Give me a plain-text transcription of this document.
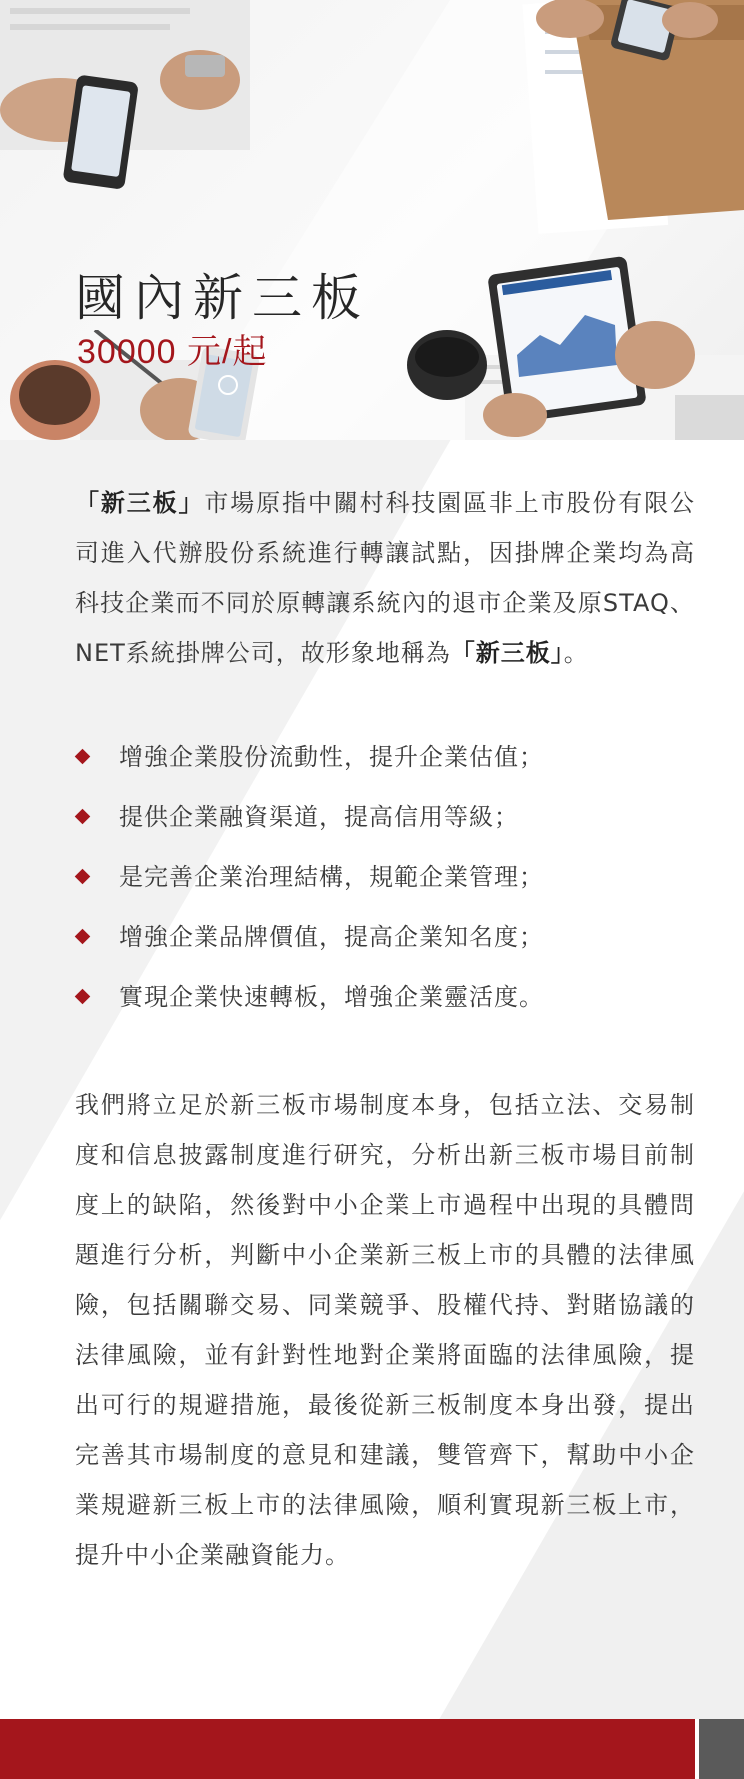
國內新三板

30000 元/起

「新三板」市場原指中關村科技園區非上市股份有限公司進入代辦股份系統進行轉讓試點，因掛牌企業均為高科技企業而不同於原轉讓系統內的退市企業及原STAQ、NET系統掛牌公司，故形象地稱為「新三板」。

增強企業股份流動性，提升企業估值；
提供企業融資渠道，提高信用等級；
是完善企業治理結構，規範企業管理；
增強企業品牌價值，提高企業知名度；
實現企業快速轉板，增強企業靈活度。

我們將立足於新三板市場制度本身，包括立法、交易制度和信息披露制度進行研究，分析出新三板市場目前制度上的缺陷，然後對中小企業上市過程中出現的具體問題進行分析，判斷中小企業新三板上市的具體的法律風險，包括關聯交易、同業競爭、股權代持、對賭協議的法律風險，並有針對性地對企業將面臨的法律風險，提出可行的規避措施，最後從新三板制度本身出發，提出完善其市場制度的意見和建議，雙管齊下，幫助中小企業規避新三板上市的法律風險，順利實現新三板上市，提升中小企業融資能力。
